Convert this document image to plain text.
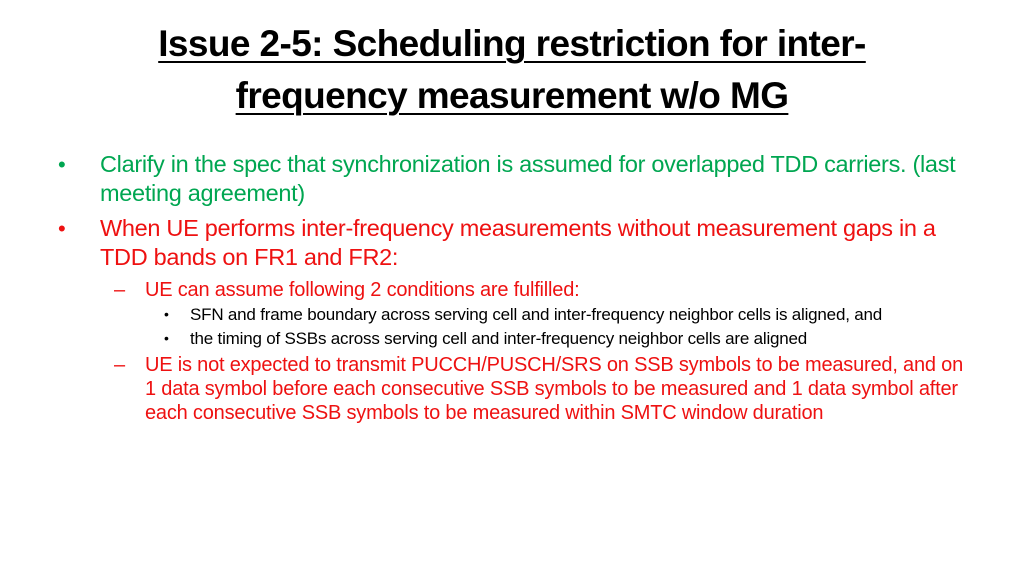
Issue 2-5: Scheduling restriction for inter-
frequency measurement w/o MG
• Clarify in the spec that synchronization is assumed for overlapped TDD carriers. (last meeting agreement)
• When UE performs inter-frequency measurements without measurement gaps in a TDD bands on FR1 and FR2:
– UE can assume following 2 conditions are fulfilled:
• SFN and frame boundary across serving cell and inter-frequency neighbor cells is aligned, and
• the timing of SSBs across serving cell and inter-frequency neighbor cells are aligned
– UE is not expected to transmit PUCCH/PUSCH/SRS on SSB symbols to be measured, and on 1 data symbol before each consecutive SSB symbols to be measured and 1 data symbol after each consecutive SSB symbols to be measured within SMTC window duration
